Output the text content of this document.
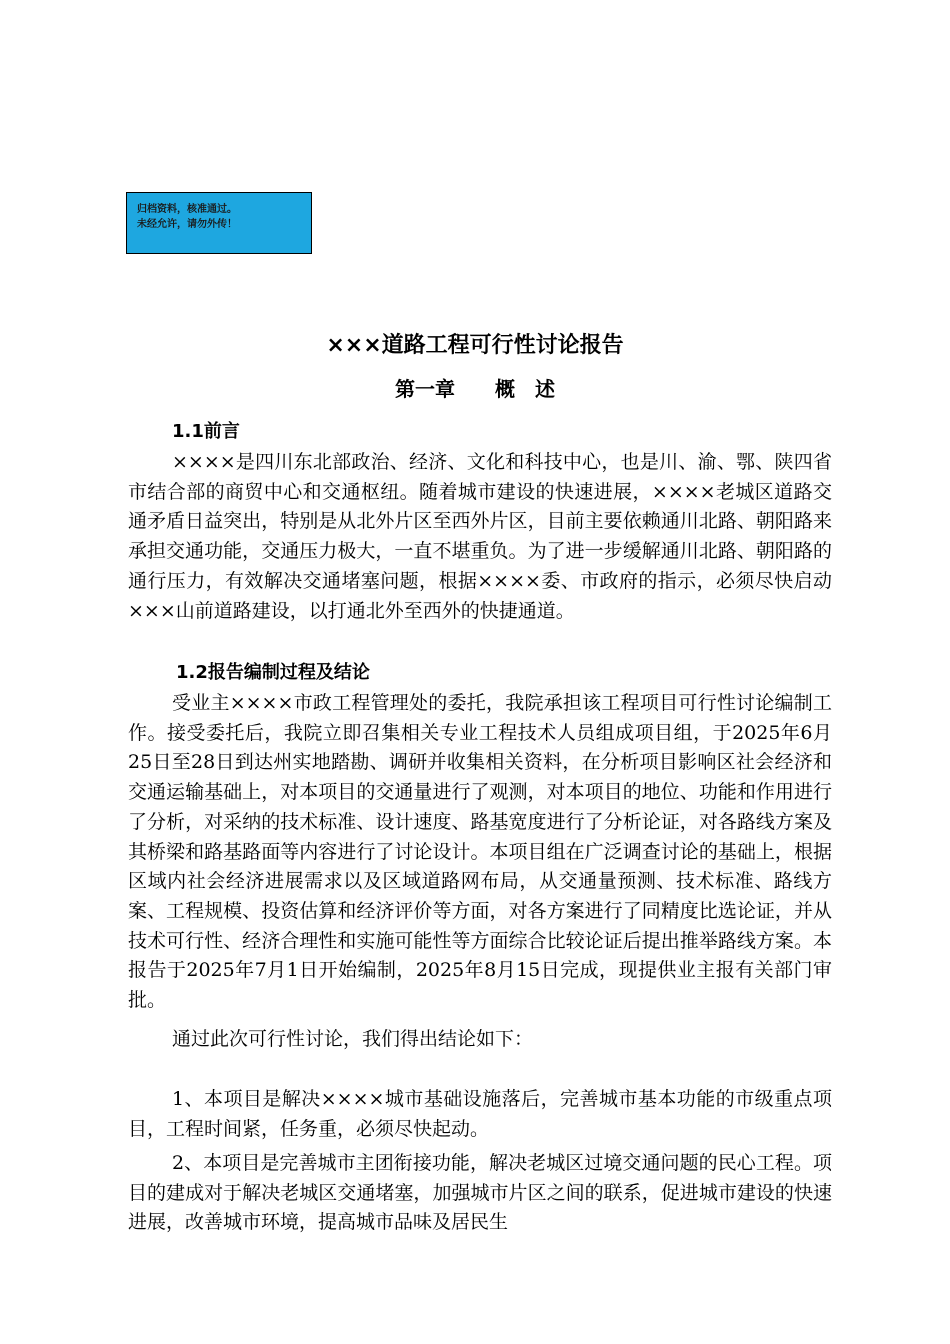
归档资料，核准通过。
未经允许，请勿外传！
×××道路工程可行性讨论报告
第一章　　概　述
1.1前言

××××是四川东北部政治、经济、文化和科技中心，也是川、渝、鄂、陕四省市结合部的商贸中心和交通枢纽。随着城市建设的快速进展，××××老城区道路交通矛盾日益突出，特别是从北外片区至西外片区，目前主要依赖通川北路、朝阳路来承担交通功能，交通压力极大，一直不堪重负。为了进一步缓解通川北路、朝阳路的通行压力，有效解决交通堵塞问题，根据××××委、市政府的指示，必须尽快启动×××山前道路建设，以打通北外至西外的快捷通道。

1.2报告编制过程及结论

受业主××××市政工程管理处的委托，我院承担该工程项目可行性讨论编制工作。接受委托后，我院立即召集相关专业工程技术人员组成项目组，于2025年6月25日至28日到达州实地踏勘、调研并收集相关资料，在分析项目影响区社会经济和交通运输基础上，对本项目的交通量进行了观测，对本项目的地位、功能和作用进行了分析，对采纳的技术标准、设计速度、路基宽度进行了分析论证，对各路线方案及其桥梁和路基路面等内容进行了讨论设计。本项目组在广泛调查讨论的基础上，根据区域内社会经济进展需求以及区域道路网布局，从交通量预测、技术标准、路线方案、工程规模、投资估算和经济评价等方面，对各方案进行了同精度比选论证，并从技术可行性、经济合理性和实施可能性等方面综合比较论证后提出推举路线方案。本报告于2025年7月1日开始编制，2025年8月15日完成，现提供业主报有关部门审批。

通过此次可行性讨论，我们得出结论如下：

1、本项目是解决××××城市基础设施落后，完善城市基本功能的市级重点项目，工程时间紧，任务重，必须尽快起动。

2、本项目是完善城市主团衔接功能，解决老城区过境交通问题的民心工程。项目的建成对于解决老城区交通堵塞，加强城市片区之间的联系，促进城市建设的快速进展，改善城市环境，提高城市品味及居民生
